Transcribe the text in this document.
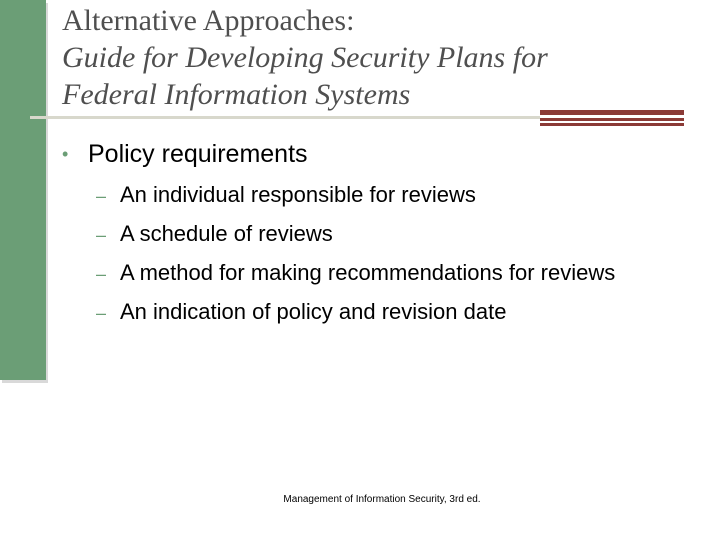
Alternative Approaches:
Guide for Developing Security Plans for
Federal Information Systems
• Policy requirements
– An individual responsible for reviews
– A schedule of reviews
– A method for making recommendations for reviews
– An indication of policy and revision date
Management of Information Security, 3rd ed.
